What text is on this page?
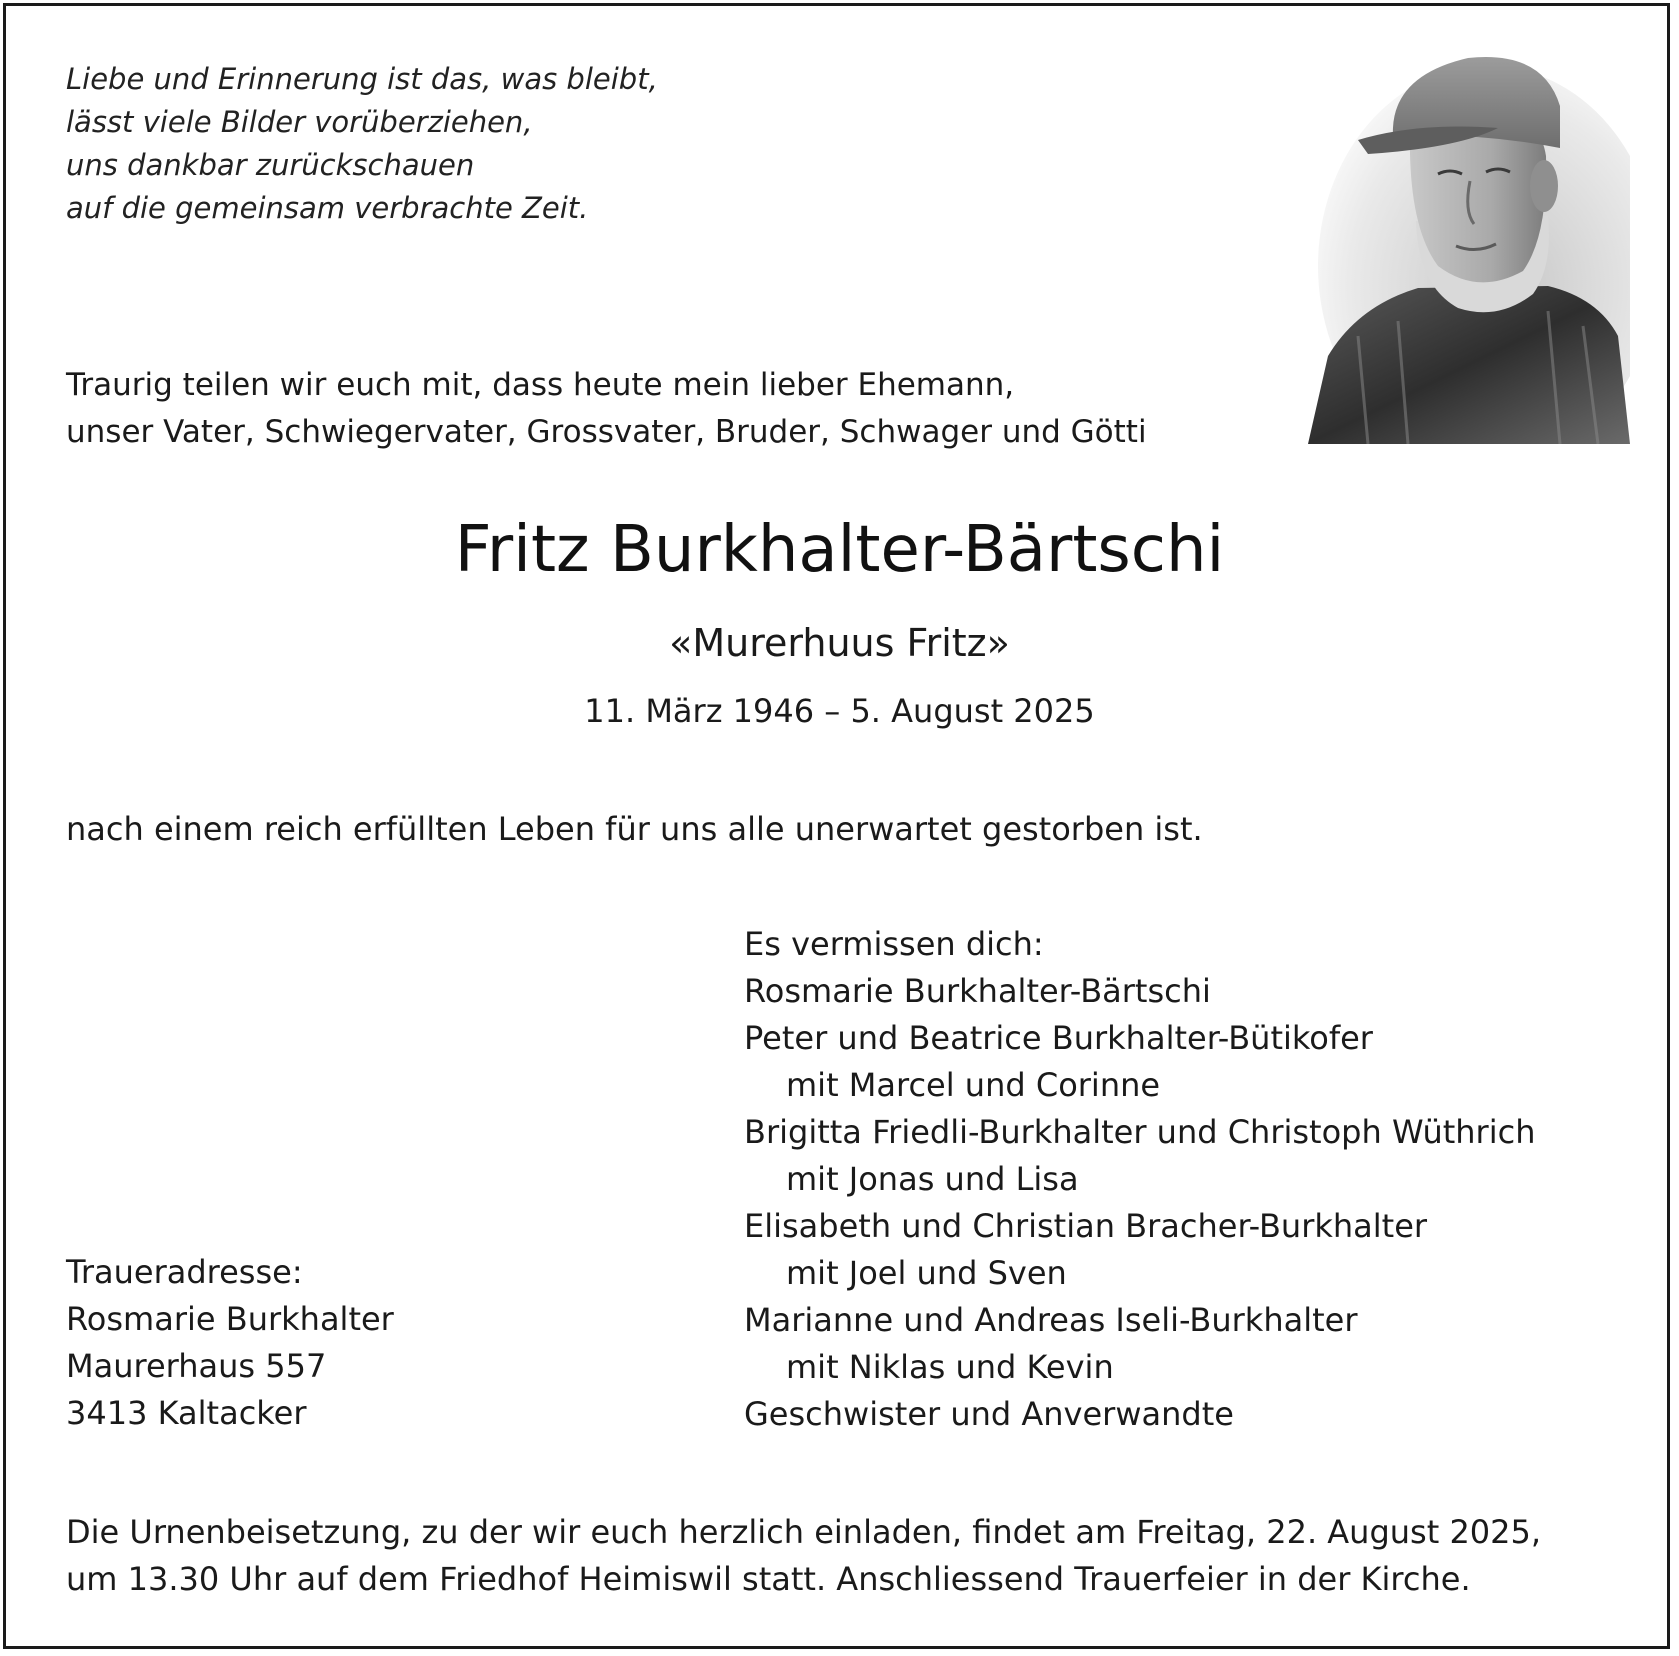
Liebe und Erinnerung ist das, was bleibt,
lässt viele Bilder vorüberziehen,
uns dankbar zurückschauen
auf die gemeinsam verbrachte Zeit.
Traurig teilen wir euch mit, dass heute mein lieber Ehemann,
unser Vater, Schwiegervater, Grossvater, Bruder, Schwager und Götti
Fritz Burkhalter-Bärtschi
«Murerhuus Fritz»
11. März 1946 – 5. August 2025
nach einem reich erfüllten Leben für uns alle unerwartet gestorben ist.
Es vermissen dich:
Rosmarie Burkhalter-Bärtschi
Peter und Beatrice Burkhalter-Bütikofer
mit Marcel und Corinne
Brigitta Friedli-Burkhalter und Christoph Wüthrich
mit Jonas und Lisa
Elisabeth und Christian Bracher-Burkhalter
mit Joel und Sven
Marianne und Andreas Iseli-Burkhalter
mit Niklas und Kevin
Geschwister und Anverwandte
Traueradresse:
Rosmarie Burkhalter
Maurerhaus 557
3413 Kaltacker
Die Urnenbeisetzung, zu der wir euch herzlich einladen, findet am Freitag, 22. August 2025,
um 13.30 Uhr auf dem Friedhof Heimiswil statt. Anschliessend Trauerfeier in der Kirche.
